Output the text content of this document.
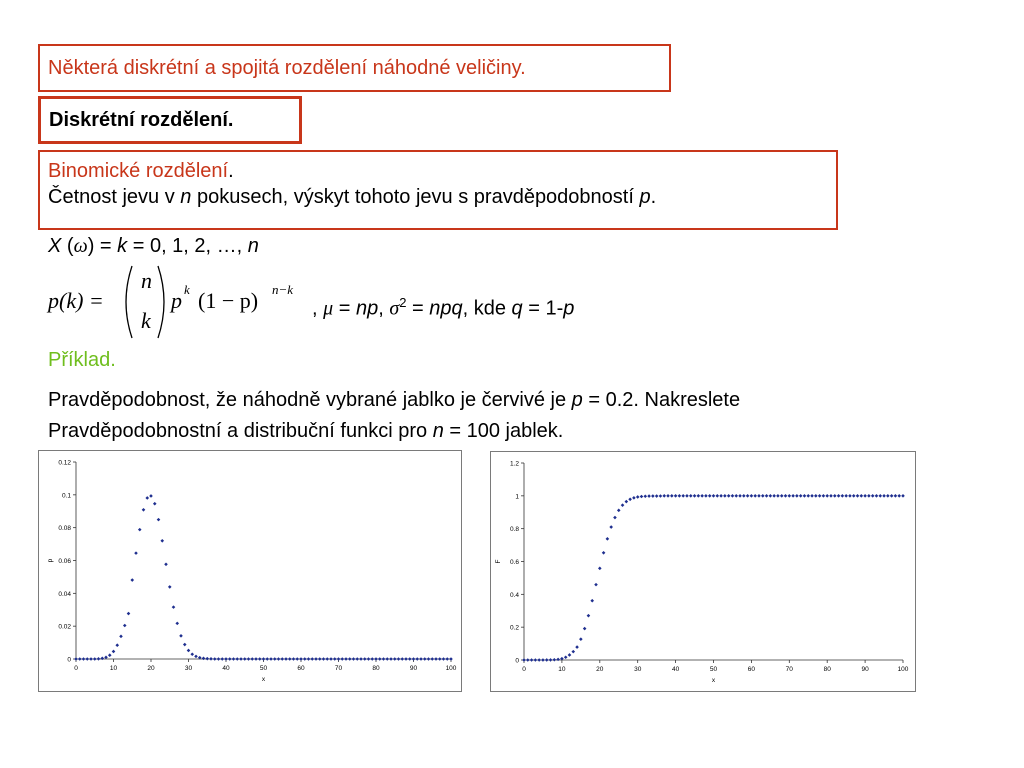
Některá diskrétní a spojitá rozdělení náhodné veličiny.
Diskrétní rozdělení.
Binomické rozdělení.
Četnost jevu v n pokusech, výskyt tohoto jevu s pravděpodobností p.
X (ω) = k = 0, 1, 2, …, n
p(k) =
n
k
p k (1 − p) n−k
, μ = np, $\sigma^2$ = npq, kde q = 1-p
Příklad.
Pravděpodobnost, že náhodně vybrané jablko je červivé je p = 0.2. Nakreslete
Pravděpodobnostní a distribuční funkci pro n = 100 jablek.
0
0.02
0.04
0.06
0.08
0.1
0.12
0	10	20	30	40	50	60	70	80	90	100
x
p
0
0.2
0.4
0.6
0.8
1
1.2
0	10	20	30	40	50	60	70	80	90	100
x
F
